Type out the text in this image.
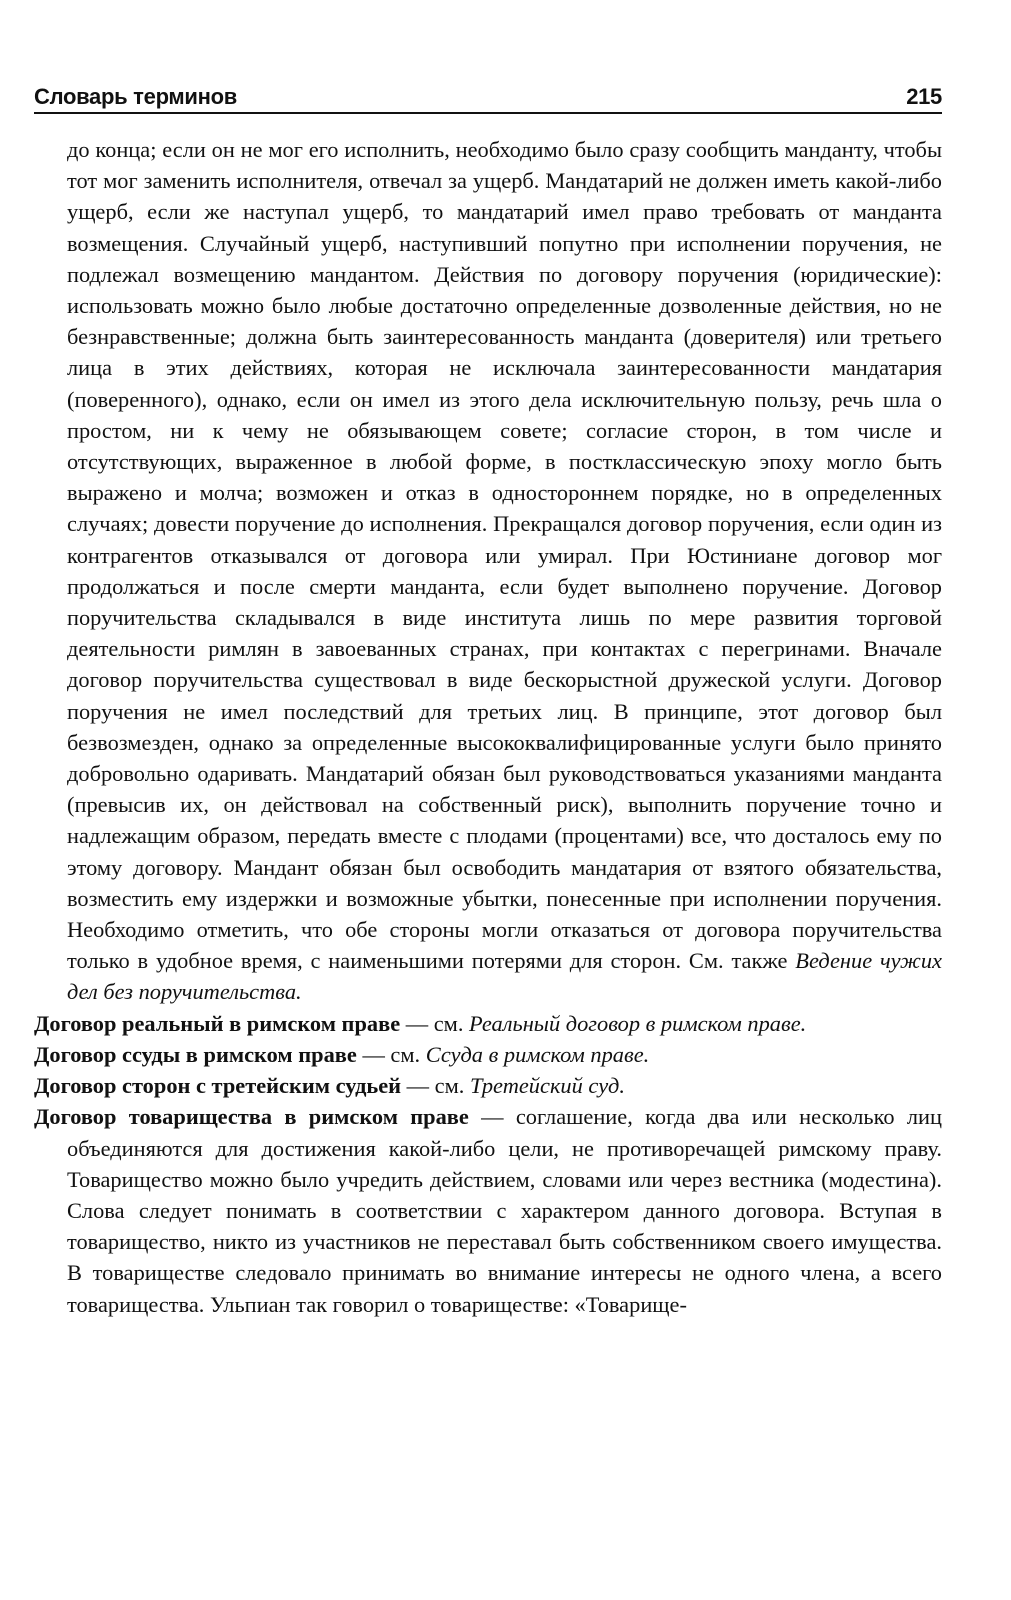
Словарь терминов	215

до конца; если он не мог его исполнить, необходимо было сразу сообщить манданту, чтобы тот мог заменить исполнителя, отвечал за ущерб. Мандатарий не должен иметь какой-либо ущерб, если же наступал ущерб, то мандатарий имел право требовать от манданта возмещения. Случайный ущерб, наступивший попутно при исполнении поручения, не подлежал возмещению мандантом. Действия по договору поручения (юридические): использовать можно было любые достаточно определенные дозволенные действия, но не безнравственные; должна быть заинтересованность манданта (доверителя) или третьего лица в этих действиях, которая не исключала заинтересованности мандатария (поверенного), однако, если он имел из этого дела исключительную пользу, речь шла о простом, ни к чему не обязывающем совете; согласие сторон, в том числе и отсутствующих, выраженное в любой форме, в постклассическую эпоху могло быть выражено и молча; возможен и отказ в одностороннем порядке, но в определенных случаях; довести поручение до исполнения. Прекращался договор поручения, если один из контрагентов отказывался от договора или умирал. При Юстиниане договор мог продолжаться и после смерти манданта, если будет выполнено поручение. Договор поручительства складывался в виде института лишь по мере развития торговой деятельности римлян в завоеванных странах, при контактах с перегринами. Вначале договор поручительства существовал в виде бескорыстной дружеской услуги. Договор поручения не имел последствий для третьих лиц. В принципе, этот договор был безвозмезден, однако за определенные высококвалифицированные услуги было принято добровольно одаривать. Мандатарий обязан был руководствоваться указаниями манданта (превысив их, он действовал на собственный риск), выполнить поручение точно и надлежащим образом, передать вместе с плодами (процентами) все, что досталось ему по этому договору. Мандант обязан был освободить мандатария от взятого обязательства, возместить ему издержки и возможные убытки, понесенные при исполнении поручения. Необходимо отметить, что обе стороны могли отказаться от договора поручительства только в удобное время, с наименьшими потерями для сторон. См. также Ведение чужих дел без поручительства.

Договор реальный в римском праве — см. Реальный договор в римском праве.

Договор ссуды в римском праве — см. Ссуда в римском праве.

Договор сторон с третейским судьей — см. Третейский суд.

Договор товарищества в римском праве — соглашение, когда два или несколько лиц объединяются для достижения какой-либо цели, не противоречащей римскому праву. Товарищество можно было учредить действием, словами или через вестника (модестина). Слова следует понимать в соответствии с характером данного договора. Вступая в товарищество, никто из участников не переставал быть собственником своего имущества. В товариществе следовало принимать во внимание интересы не одного члена, а всего товарищества. Ульпиан так говорил о товариществе: «Товарище-
